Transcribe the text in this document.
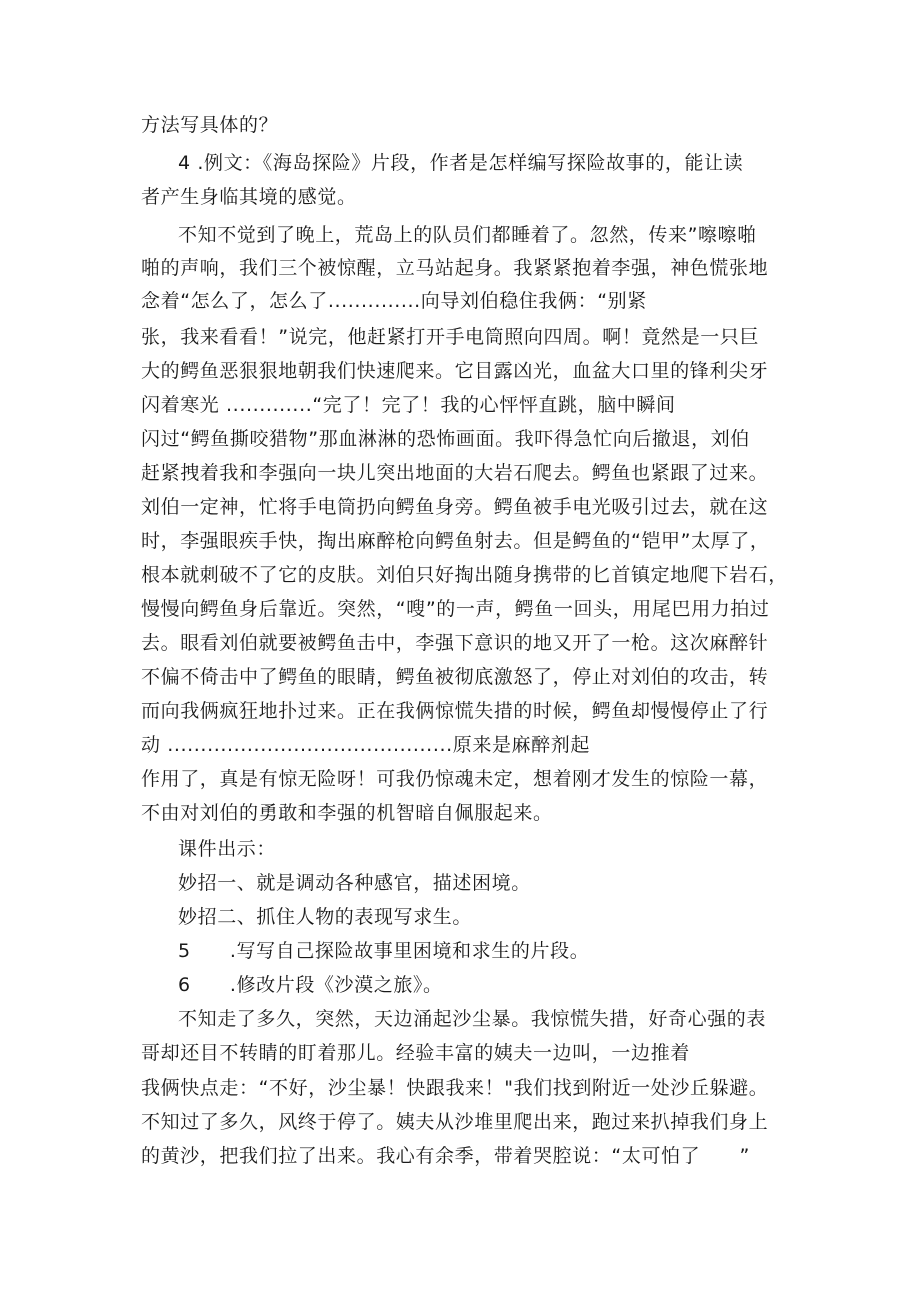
方法写具体的？
4 .例文：《海岛探险》片段，作者是怎样编写探险故事的，能让读
者产生身临其境的感觉。
不知不觉到了晚上，荒岛上的队员们都睡着了。忽然，传来”嚓嚓啪
啪的声响，我们三个被惊醒，立马站起身。我紧紧抱着李强，神色慌张地
念着“怎么了，怎么了..............向导刘伯稳住我俩：“别紧
张，我来看看！”说完，他赶紧打开手电筒照向四周。啊！竟然是一只巨
大的鳄鱼恶狠狠地朝我们快速爬来。它目露凶光，血盆大口里的锋利尖牙
闪着寒光 .............“完了！完了！我的心怦怦直跳，脑中瞬间
闪过“鳄鱼撕咬猎物”那血淋淋的恐怖画面。我吓得急忙向后撤退，刘伯
赶紧拽着我和李强向一块儿突出地面的大岩石爬去。鳄鱼也紧跟了过来。
刘伯一定神，忙将手电筒扔向鳄鱼身旁。鳄鱼被手电光吸引过去，就在这
时，李强眼疾手快，掏出麻醉枪向鳄鱼射去。但是鳄鱼的“铠甲”太厚了，
根本就刺破不了它的皮肤。刘伯只好掏出随身携带的匕首镇定地爬下岩石，
慢慢向鳄鱼身后靠近。突然，“嗖”的一声，鳄鱼一回头，用尾巴用力拍过
去。眼看刘伯就要被鳄鱼击中，李强下意识的地又开了一枪。这次麻醉针
不偏不倚击中了鳄鱼的眼睛，鳄鱼被彻底激怒了，停止对刘伯的攻击，转
而向我俩疯狂地扑过来。正在我俩惊慌失措的时候，鳄鱼却慢慢停止了行
动 ...........................................原来是麻醉剂起
作用了，真是有惊无险呀！可我仍惊魂未定，想着刚才发生的惊险一幕，
不由对刘伯的勇敢和李强的机智暗自佩服起来。
课件出示：
妙招一、就是调动各种感官，描述困境。
妙招二、抓住人物的表现写求生。
5　　.写写自己探险故事里困境和求生的片段。
6　　.修改片段《沙漠之旅》。
不知走了多久，突然，天边涌起沙尘暴。我惊慌失措，好奇心强的表
哥却还目不转睛的盯着那儿。经验丰富的姨夫一边叫，一边推着
我俩快点走：“不好，沙尘暴！快跟我来！"我们找到附近一处沙丘躲避。
不知过了多久，风终于停了。姨夫从沙堆里爬出来，跑过来扒掉我们身上
的黄沙，把我们拉了出来。我心有余季，带着哭腔说：“太可怕了　　”
